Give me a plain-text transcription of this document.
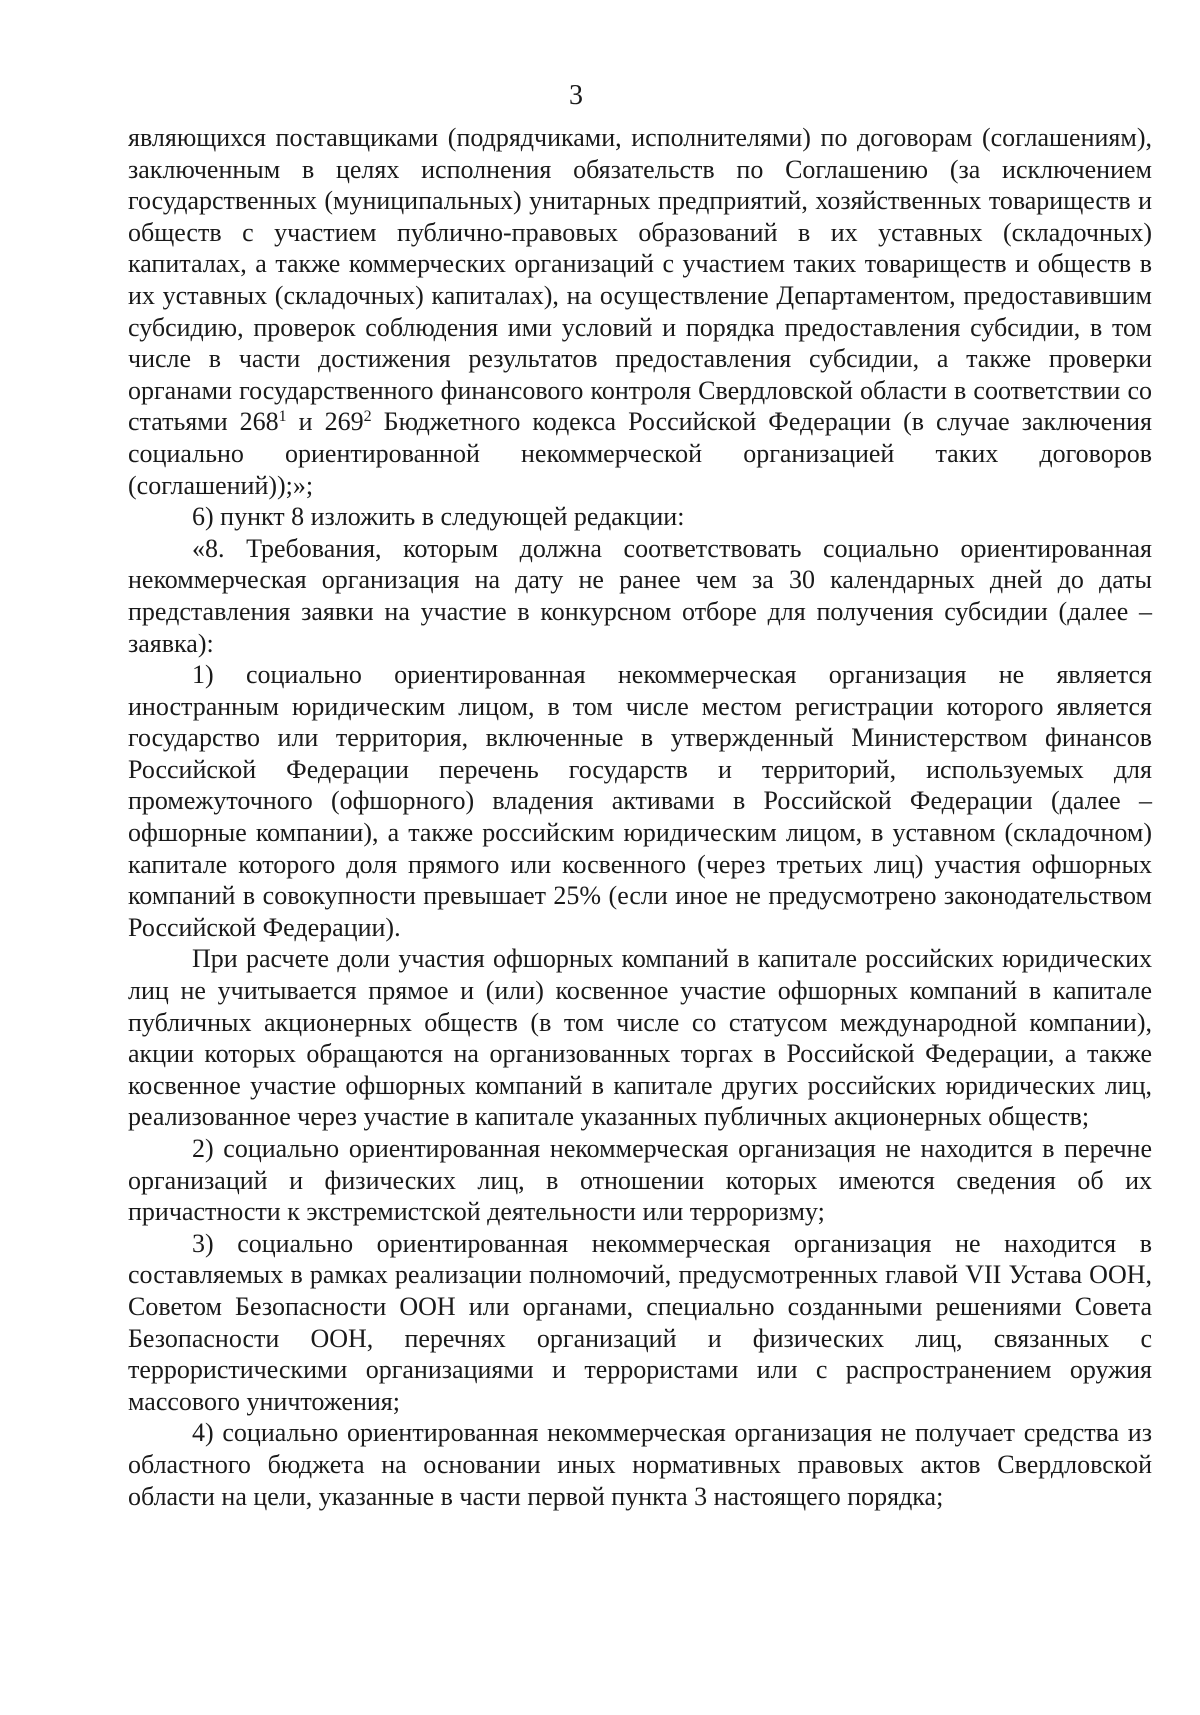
3

являющихся поставщиками (подрядчиками, исполнителями) по договорам (соглашениям), заключенным в целях исполнения обязательств по Соглашению (за исключением государственных (муниципальных) унитарных предприятий, хозяйственных товариществ и обществ с участием публично-правовых образований в их уставных (складочных) капиталах, а также коммерческих организаций с участием таких товариществ и обществ в их уставных (складочных) капиталах), на осуществление Департаментом, предоставившим субсидию, проверок соблюдения ими условий и порядка предоставления субсидии, в том числе в части достижения результатов предоставления субсидии, а также проверки органами государственного финансового контроля Свердловской области в соответствии со статьями $268^1$ и $269^2$ Бюджетного кодекса Российской Федерации (в случае заключения социально ориентированной некоммерческой организацией таких договоров (соглашений));»;

6) пункт 8 изложить в следующей редакции:

«8. Требования, которым должна соответствовать социально ориентированная некоммерческая организация на дату не ранее чем за 30 календарных дней до даты представления заявки на участие в конкурсном отборе для получения субсидии (далее – заявка):

1) социально ориентированная некоммерческая организация не является иностранным юридическим лицом, в том числе местом регистрации которого является государство или территория, включенные в утвержденный Министерством финансов Российской Федерации перечень государств и территорий, используемых для промежуточного (офшорного) владения активами в Российской Федерации (далее – офшорные компании), а также российским юридическим лицом, в уставном (складочном) капитале которого доля прямого или косвенного (через третьих лиц) участия офшорных компаний в совокупности превышает 25% (если иное не предусмотрено законодательством Российской Федерации).

При расчете доли участия офшорных компаний в капитале российских юридических лиц не учитывается прямое и (или) косвенное участие офшорных компаний в капитале публичных акционерных обществ (в том числе со статусом международной компании), акции которых обращаются на организованных торгах в Российской Федерации, а также косвенное участие офшорных компаний в капитале других российских юридических лиц, реализованное через участие в капитале указанных публичных акционерных обществ;

2) социально ориентированная некоммерческая организация не находится в перечне организаций и физических лиц, в отношении которых имеются сведения об их причастности к экстремистской деятельности или терроризму;

3) социально ориентированная некоммерческая организация не находится в составляемых в рамках реализации полномочий, предусмотренных главой VII Устава ООН, Советом Безопасности ООН или органами, специально созданными решениями Совета Безопасности ООН, перечнях организаций и физических лиц, связанных с террористическими организациями и террористами или с распространением оружия массового уничтожения;

4) социально ориентированная некоммерческая организация не получает средства из областного бюджета на основании иных нормативных правовых актов Свердловской области на цели, указанные в части первой пункта 3 настоящего порядка;
